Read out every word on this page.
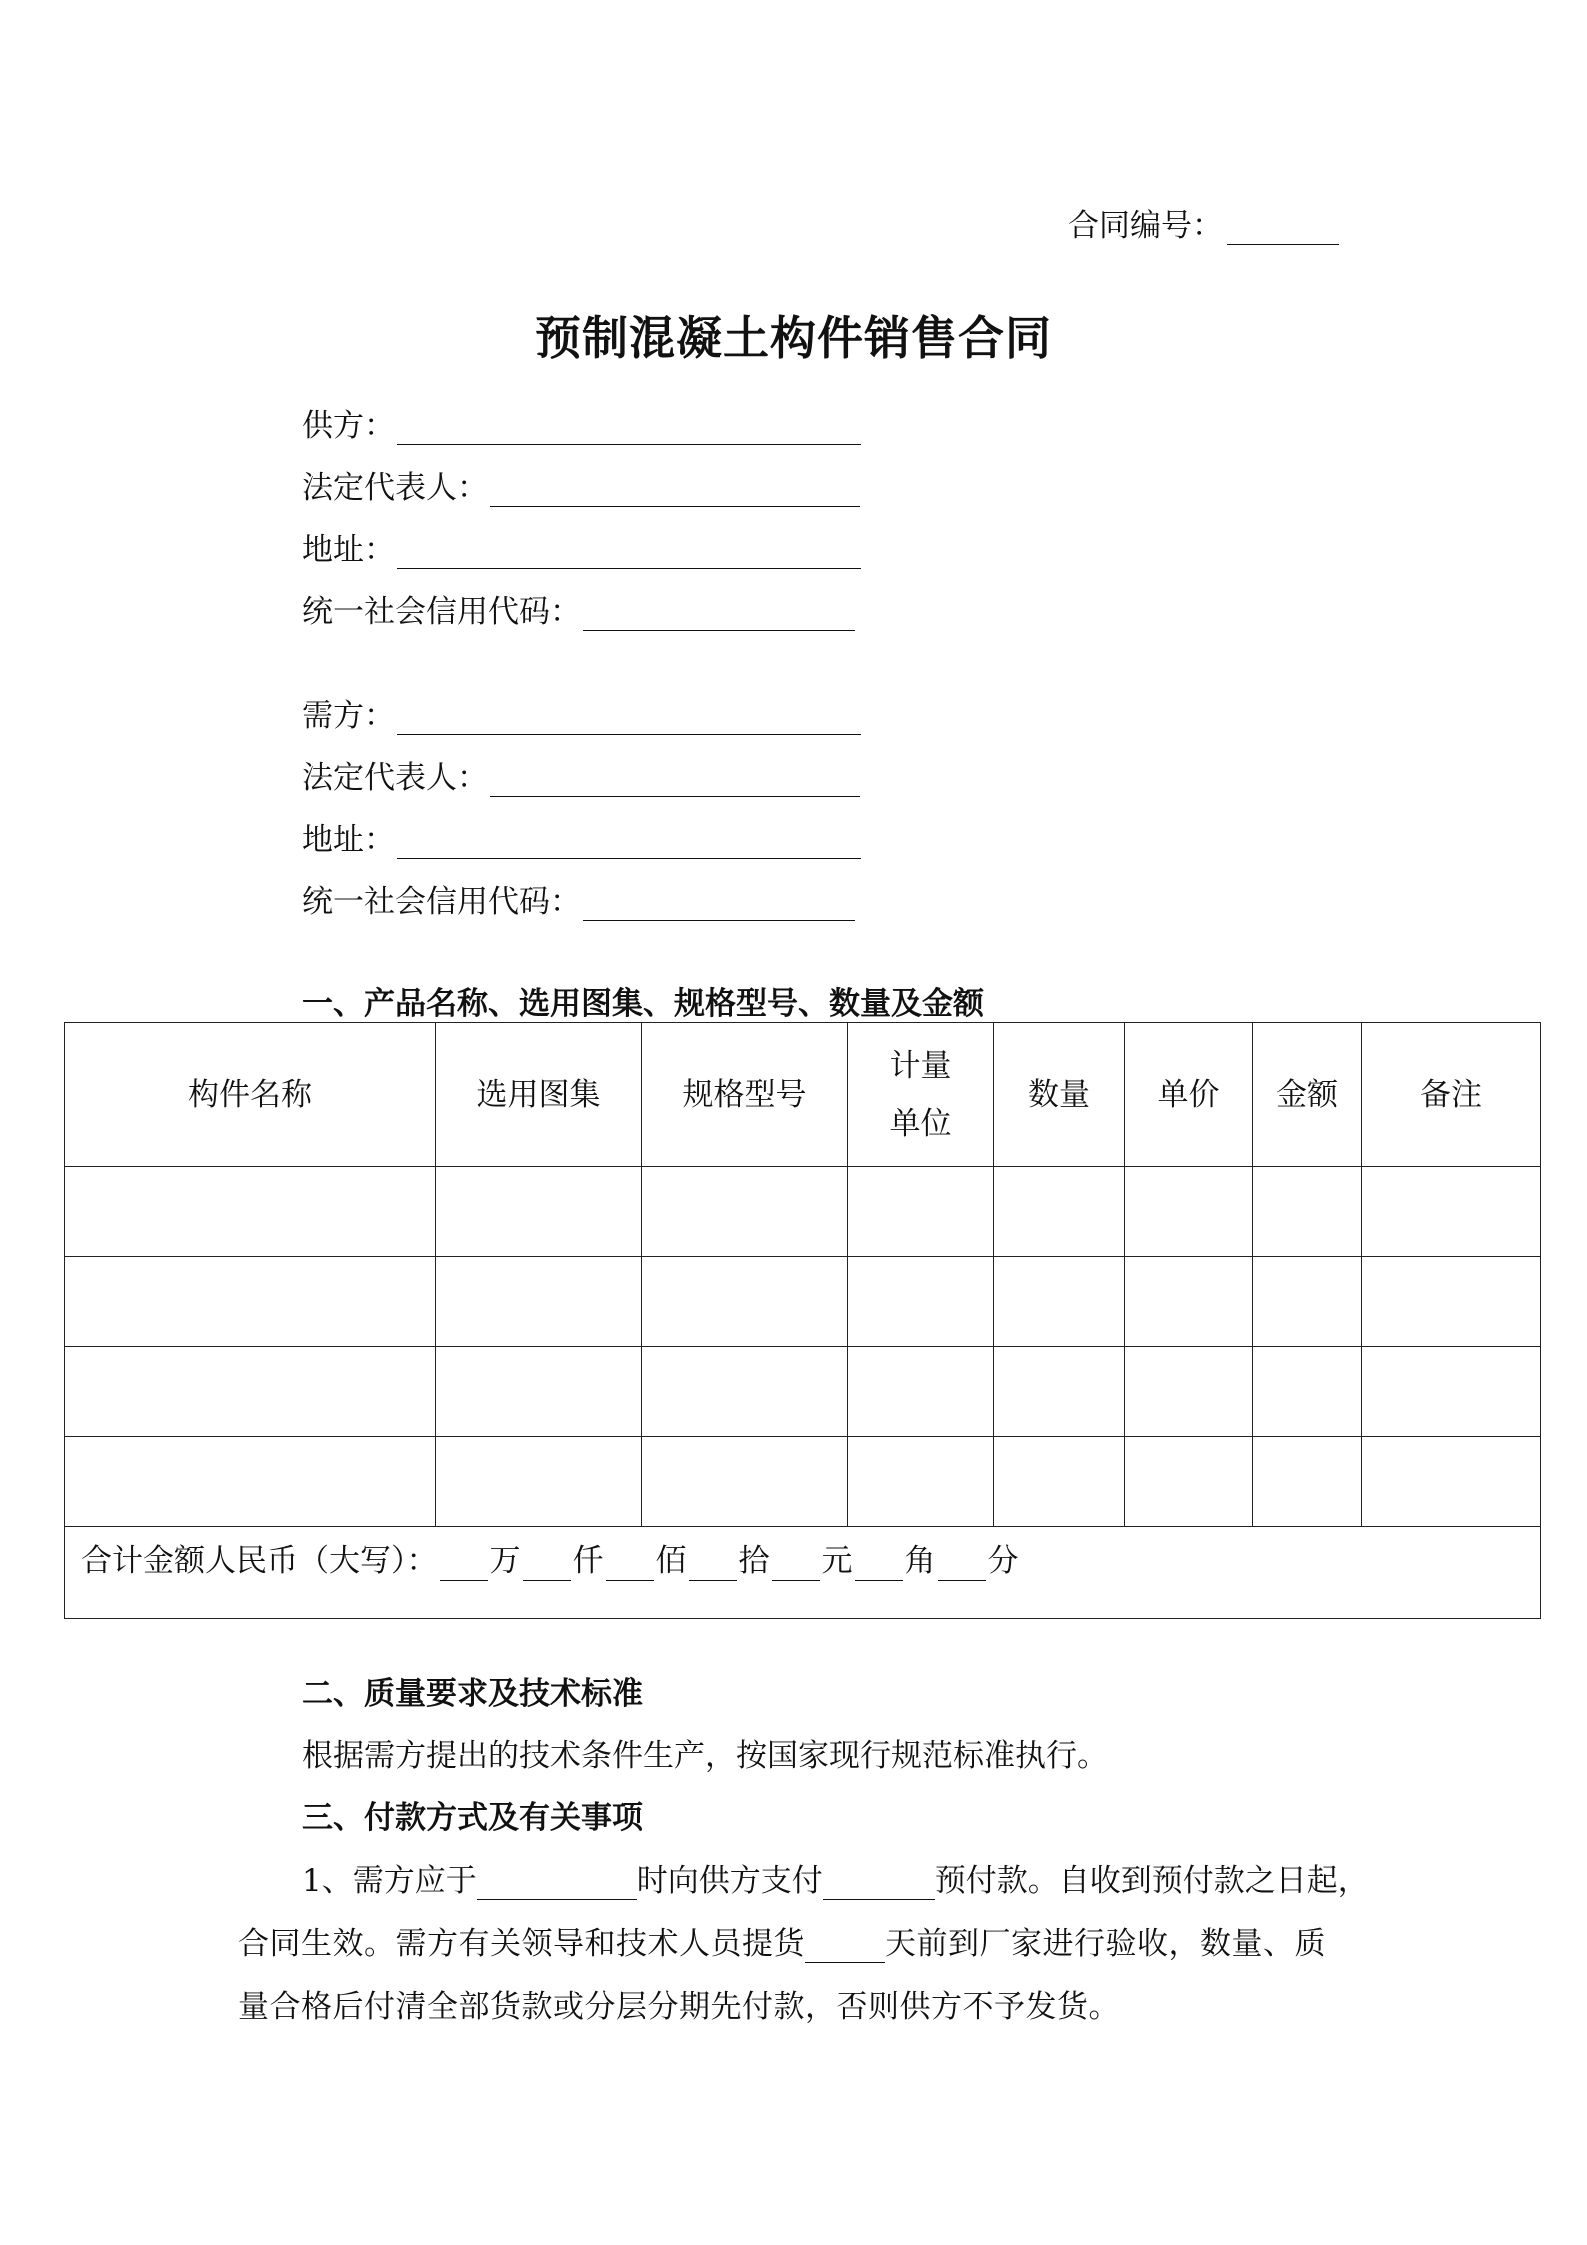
合同编号：
预制混凝土构件销售合同
供方：
法定代表人：
地址：
统一社会信用代码：
需方：
法定代表人：
地址：
统一社会信用代码：
一、产品名称、选用图集、规格型号、数量及金额
构件名称	选用图集	规格型号	计量单位	数量	单价	金额	备注

合计金额人民币（大写）： 万 仟 佰 拾 元 角 分							
二、质量要求及技术标准
根据需方提出的技术条件生产，按国家现行规范标准执行。
三、付款方式及有关事项
1、需方应于	时向供方支付	预付款。自收到预付款之日起，
合同生效。需方有关领导和技术人员提货	天前到厂家进行验收，数量、质
量合格后付清全部货款或分层分期先付款，否则供方不予发货。
